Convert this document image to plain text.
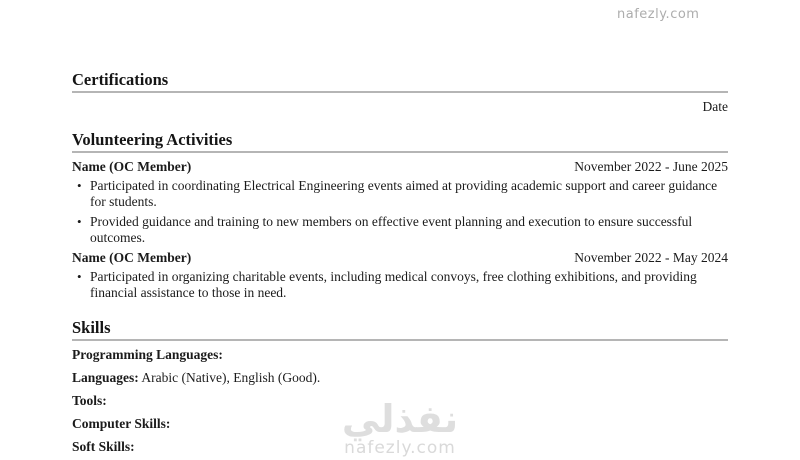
nafezly.com
Certifications
Date
Volunteering Activities
Name (OC Member)	November 2022 - June 2025
•
Participated in coordinating Electrical Engineering events aimed at providing academic support and career guidance for students.
•
Provided guidance and training to new members on effective event planning and execution to ensure successful outcomes.
Name (OC Member)	November 2022 - May 2024
•
Participated in organizing charitable events, including medical convoys, free clothing exhibitions, and providing financial assistance to those in need.
Skills
Programming Languages:
Languages: Arabic (Native), English (Good).
Tools:
Computer Skills:
Soft Skills:
نفذلي
nafezly.com
